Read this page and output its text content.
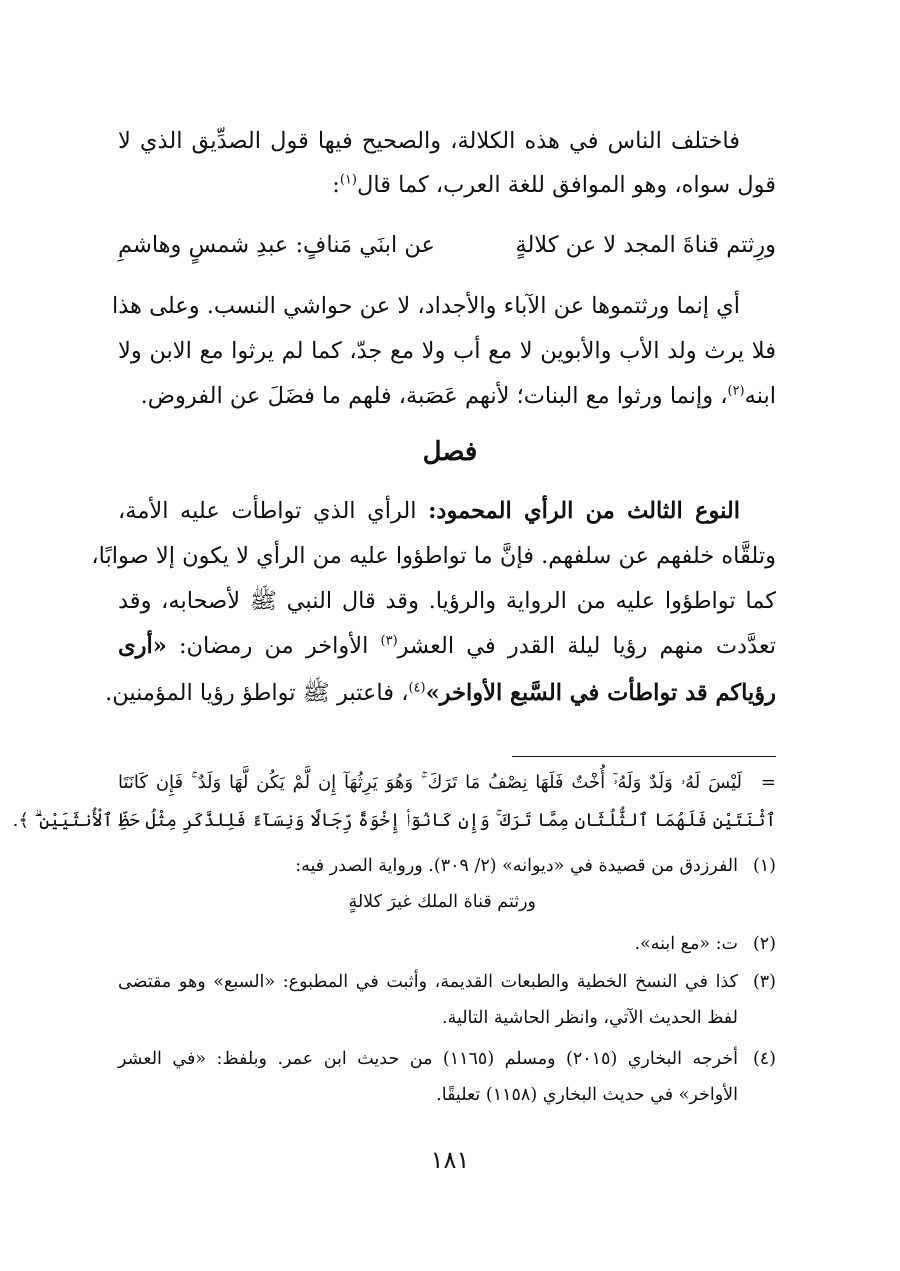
فاختلف الناس في هذه الكلالة، والصحيح فيها قول الصدِّيق الذي لا
قول سواه، وهو الموافق للغة العرب، كما قال$^{(١)}$:
ورِثتم قناةَ المجد لا عن كلالةٍ
عن ابنَي مَنافٍ: عبدِ شمسٍ وهاشمِ
أي إنما ورثتموها عن الآباء والأجداد، لا عن حواشي النسب. وعلى هذا
فلا يرث ولد الأب والأبوين لا مع أب ولا مع جدّ، كما لم يرثوا مع الابن ولا
ابنه$^{(٢)}$، وإنما ورثوا مع البنات؛ لأنهم عَصَبة، فلهم ما فضَلَ عن الفروض.
فصل
النوع الثالث من الرأي المحمود: الرأي الذي تواطأت عليه الأمة،
وتلقَّاه خلفهم عن سلفهم. فإنَّ ما تواطؤوا عليه من الرأي لا يكون إلا صوابًا،
كما تواطؤوا عليه من الرواية والرؤيا. وقد قال النبي ﷺ لأصحابه، وقد
تعدَّدت منهم رؤيا ليلة القدر في العشر$^{(٣)}$ الأواخر من رمضان: «أرى
رؤياكم قد تواطأت في السَّبع الأواخر»$^{(٤)}$، فاعتبر ﷺ تواطؤ رؤيا المؤمنين.
=
لَيْسَ لَهُۥ وَلَدٌ وَلَهُۥٓ أُخْتٌ فَلَهَا نِصْفُ مَا تَرَكَ ۚ وَهُوَ يَرِثُهَآ إِن لَّمْ يَكُن لَّهَا وَلَدٌ ۚ فَإِن كَانَتَا
ٱثْنَتَيْنِ فَلَهُمَا ٱلثُّلُثَانِ مِمَّا تَرَكَ ۚ وَإِن كَانُوٓا۟ إِخْوَةً رِّجَالًا وَنِسَآءً فَلِلذَّكَرِ مِثْلُ حَظِّ ٱلْأُنثَيَيْنِ ۗ ﴾.
(١)
الفرزدق من قصيدة في «ديوانه» (٢/ ٣٠٩). ورواية الصدر فيه:
ورثتم قناة الملك غيرَ كلالةٍ
(٢)
ت: «مع ابنه».
(٣)
كذا في النسخ الخطية والطبعات القديمة، وأثبت في المطبوع: «السبع» وهو مقتضى
لفظ الحديث الآتي، وانظر الحاشية التالية.
(٤)
أخرجه البخاري (٢٠١٥) ومسلم (١١٦٥) من حديث ابن عمر. وبلفظ: «في العشر
الأواخر» في حديث البخاري (١١٥٨) تعليقًا.
١٨١
